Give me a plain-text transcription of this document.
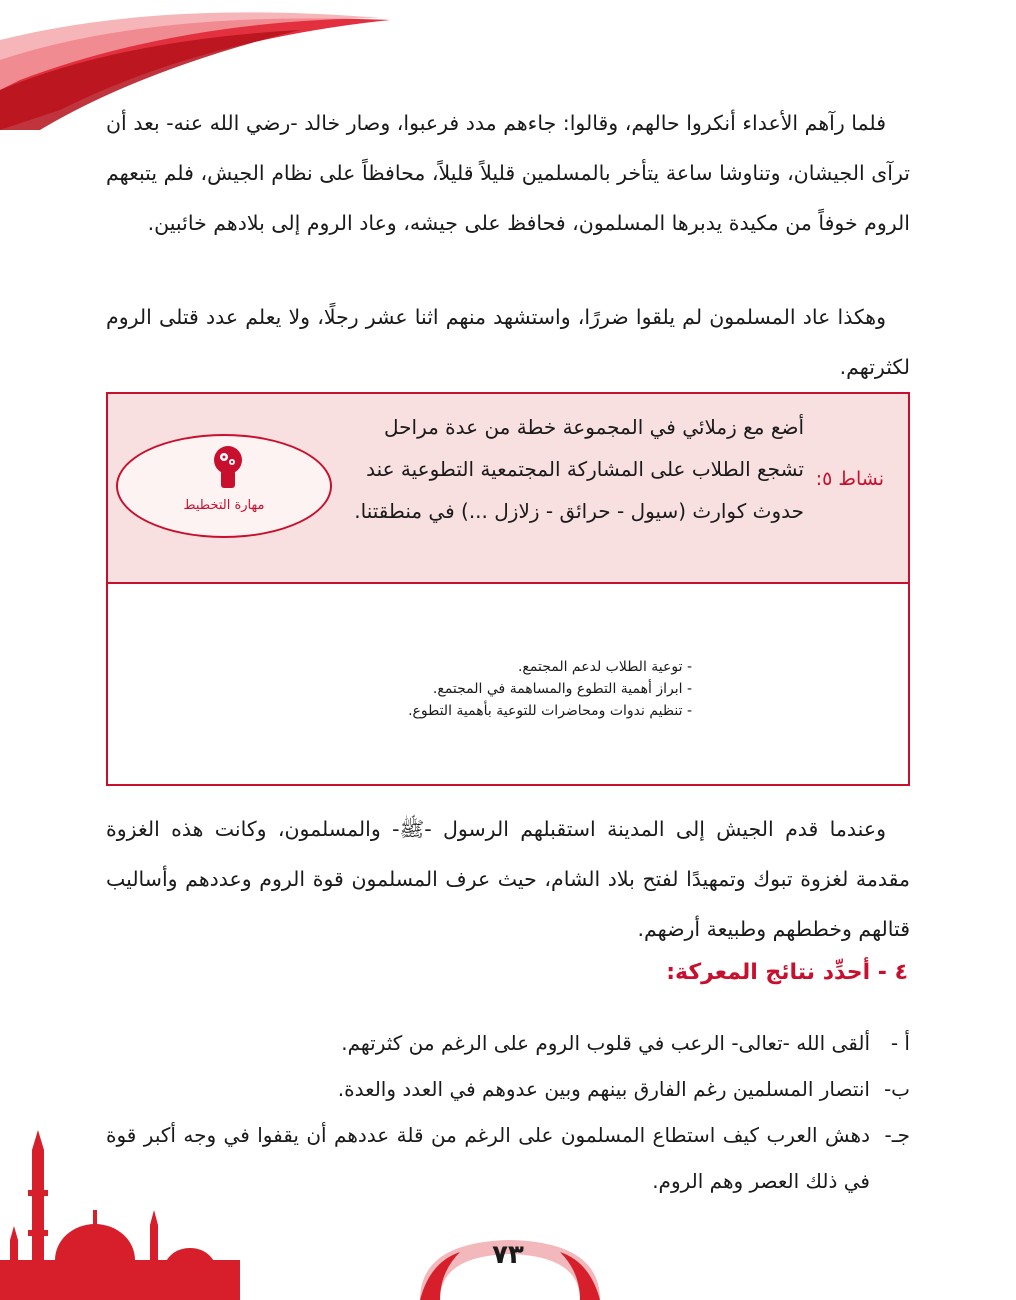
فلما رآهم الأعداء أنكروا حالهم، وقالوا: جاءهم مدد فرعبوا، وصار خالد -رضي الله عنه- بعد أن ترآى الجيشان، وتناوشا ساعة يتأخر بالمسلمين قليلاً قليلاً، محافظاً على نظام الجيش، فلم يتبعهم الروم خوفاً من مكيدة يدبرها المسلمون، فحافظ على جيشه، وعاد الروم إلى بلادهم خائبين.

وهكذا عاد المسلمون لم يلقوا ضررًا، واستشهد منهم اثنا عشر رجلًا، ولا يعلم عدد قتلى الروم لكثرتهم.

نشاط ٥:

أضع مع زملائي في المجموعة خطة من عدة مراحل تشجع الطلاب على المشاركة المجتمعية التطوعية عند حدوث كوارث (سيول - حرائق - زلازل ...) في منطقتنا.

مهارة التخطيط
- توعية الطلاب لدعم المجتمع.
- ابراز أهمية التطوع والمساهمة في المجتمع.
- تنظيم ندوات ومحاضرات للتوعية بأهمية التطوع.

وعندما قدم الجيش إلى المدينة استقبلهم الرسول -ﷺ- والمسلمون، وكانت هذه الغزوة مقدمة لغزوة تبوك وتمهيدًا لفتح بلاد الشام، حيث عرف المسلمون قوة الروم وعددهم وأساليب قتالهم وخططهم وطبيعة أرضهم.

٤ - أحدِّد نتائج المعركة:
أ -
ألقى الله -تعالى- الرعب في قلوب الروم على الرغم من كثرتهم.
ب-
انتصار المسلمين رغم الفارق بينهم وبين عدوهم في العدد والعدة.
جـ-
دهش العرب كيف استطاع المسلمون على الرغم من قلة عددهم أن يقفوا في وجه أكبر قوة في ذلك العصر وهم الروم.
٧٣
